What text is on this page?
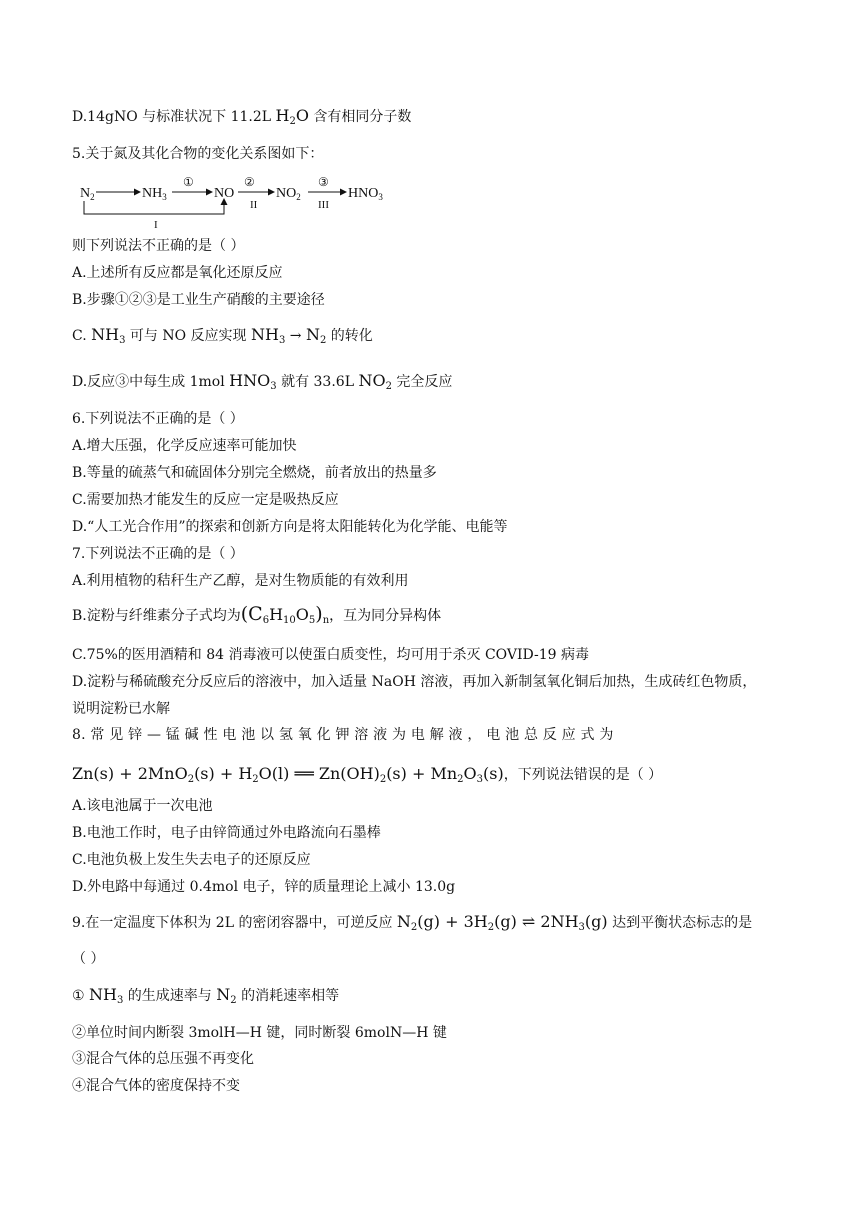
D.14gNO 与标准状况下 11.2L $H_2O$ 含有相同分子数
5.关于氮及其化合物的变化关系图如下：
$N_2$	$NH_3$
①
NO
②
II
$NO_2$
③
III
$HNO_3$
I
则下列说法不正确的是（ ）
A.上述所有反应都是氧化还原反应
B.步骤①②③是工业生产硝酸的主要途径
C. $NH_3$ 可与 NO 反应实现 $NH_3 \to N_2$ 的转化
D.反应③中每生成 1mol $HNO_3$ 就有 33.6L $NO_2$ 完全反应
6.下列说法不正确的是（ ）
A.增大压强，化学反应速率可能加快
B.等量的硫蒸气和硫固体分别完全燃烧，前者放出的热量多
C.需要加热才能发生的反应一定是吸热反应
D.“人工光合作用”的探索和创新方向是将太阳能转化为化学能、电能等
7.下列说法不正确的是（ ）
A.利用植物的秸秆生产乙醇，是对生物质能的有效利用
B.淀粉与纤维素分子式均为$(C_6H_{10}O_5)_n$，互为同分异构体
C.75%的医用酒精和 84 消毒液可以使蛋白质变性，均可用于杀灭 COVID-19 病毒
D.淀粉与稀硫酸充分反应后的溶液中，加入适量 NaOH 溶液，再加入新制氢氧化铜后加热，生成砖红色物质，
说明淀粉已水解
8. 常 见 锌 — 锰 碱 性 电 池 以 氢 氧 化 钾 溶 液 为 电 解 液 ， 电 池 总 反 应 式 为
$Zn(s) + 2MnO_2(s) + H_2O(l)$ ══ $Zn(OH)_2(s) + Mn_2O_3(s)$，下列说法错误的是（ ）
A.该电池属于一次电池
B.电池工作时，电子由锌筒通过外电路流向石墨棒
C.电池负极上发生失去电子的还原反应
D.外电路中每通过 0.4mol 电子，锌的质量理论上减小 13.0g
9.在一定温度下体积为 2L 的密闭容器中，可逆反应 $N_2(g) + 3H_2(g)$ ⇌ $2NH_3(g)$ 达到平衡状态标志的是
（ ）
① $NH_3$ 的生成速率与 $N_2$ 的消耗速率相等
②单位时间内断裂 3molH—H 键，同时断裂 6molN—H 键
③混合气体的总压强不再变化
④混合气体的密度保持不变
